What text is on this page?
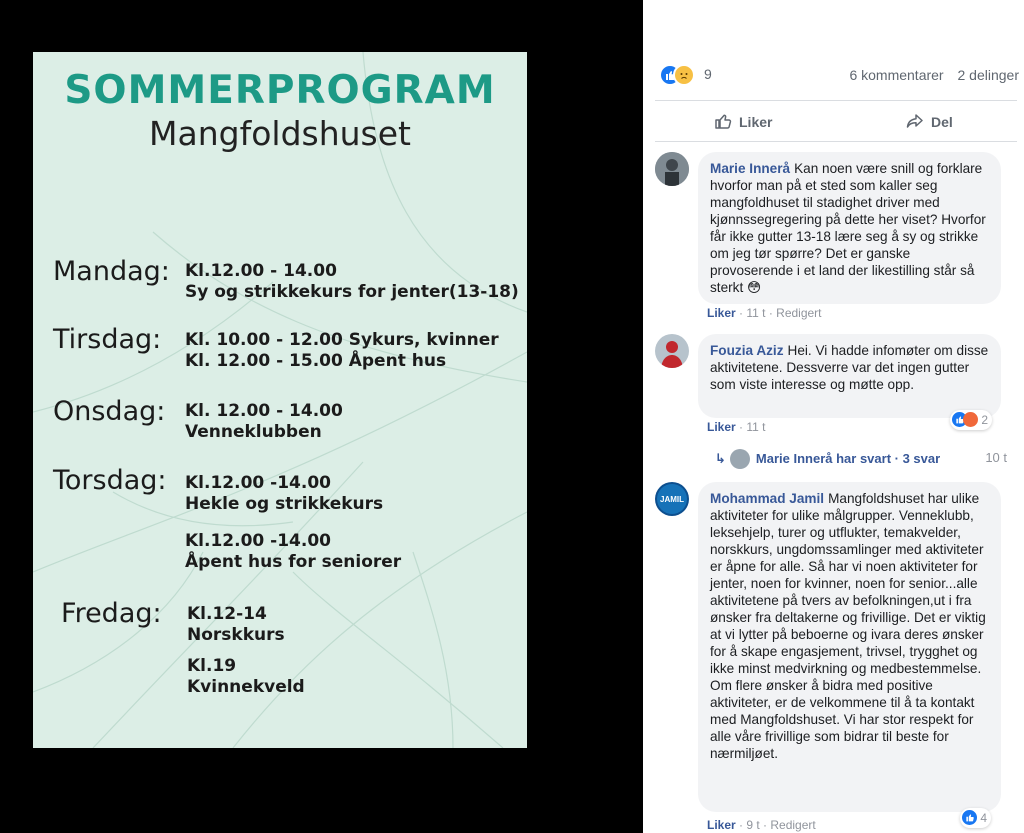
SOMMERPROGRAM
Mangfoldshuset
Mandag: Kl.12.00 - 14.00
Sy og strikkekurs for jenter(13-18)
Tirsdag: Kl. 10.00 - 12.00 Sykurs, kvinner
Kl. 12.00 - 15.00 Åpent hus
Onsdag: Kl. 12.00 - 14.00
Venneklubben
Torsdag: Kl.12.00 -14.00
Hekle og strikkekurs
Kl.12.00 -14.00
Åpent hus for seniorer
Fredag: Kl.12-14
Norskkurs
Kl.19
Kvinnekveld
9	6 kommentarer 2 delinger
Liker	Del
Marie Innerå Kan noen være snill og forklare hvorfor man på et sted som kaller seg mangfoldhuset til stadighet driver med kjønnssegregering på dette her viset? Hvorfor får ikke gutter 13-18 lære seg å sy og strikke om jeg tør spørre? Det er ganske provoserende i et land der likestilling står så sterkt 😳
Liker · 11 t · Redigert
Fouzia Aziz Hei. Vi hadde infomøter om disse aktivitetene. Dessverre var det ingen gutter som viste interesse og møtte opp.
2
Liker · 11 t
↳ Marie Innerå har svart · 3 svar	10 t
JAMIL	Mohammad Jamil Mangfoldshuset har ulike aktiviteter for ulike målgrupper. Venneklubb, leksehjelp, turer og utflukter, temakvelder, norskkurs, ungdomssamlinger med aktiviteter er åpne for alle. Så har vi noen aktiviteter for jenter, noen for kvinner, noen for senior...alle aktivitetene på tvers av befolkningen,ut i fra ønsker fra deltakerne og frivillige. Det er viktig at vi lytter på beboerne og ivara deres ønsker for å skape engasjement, trivsel, trygghet og ikke minst medvirkning og medbestemmelse. Om flere ønsker å bidra med positive aktiviteter, er de velkommene til å ta kontakt med Mangfoldshuset. Vi har stor respekt for alle våre frivillige som bidrar til beste for nærmiljøet.
4
Liker · 9 t · Redigert
